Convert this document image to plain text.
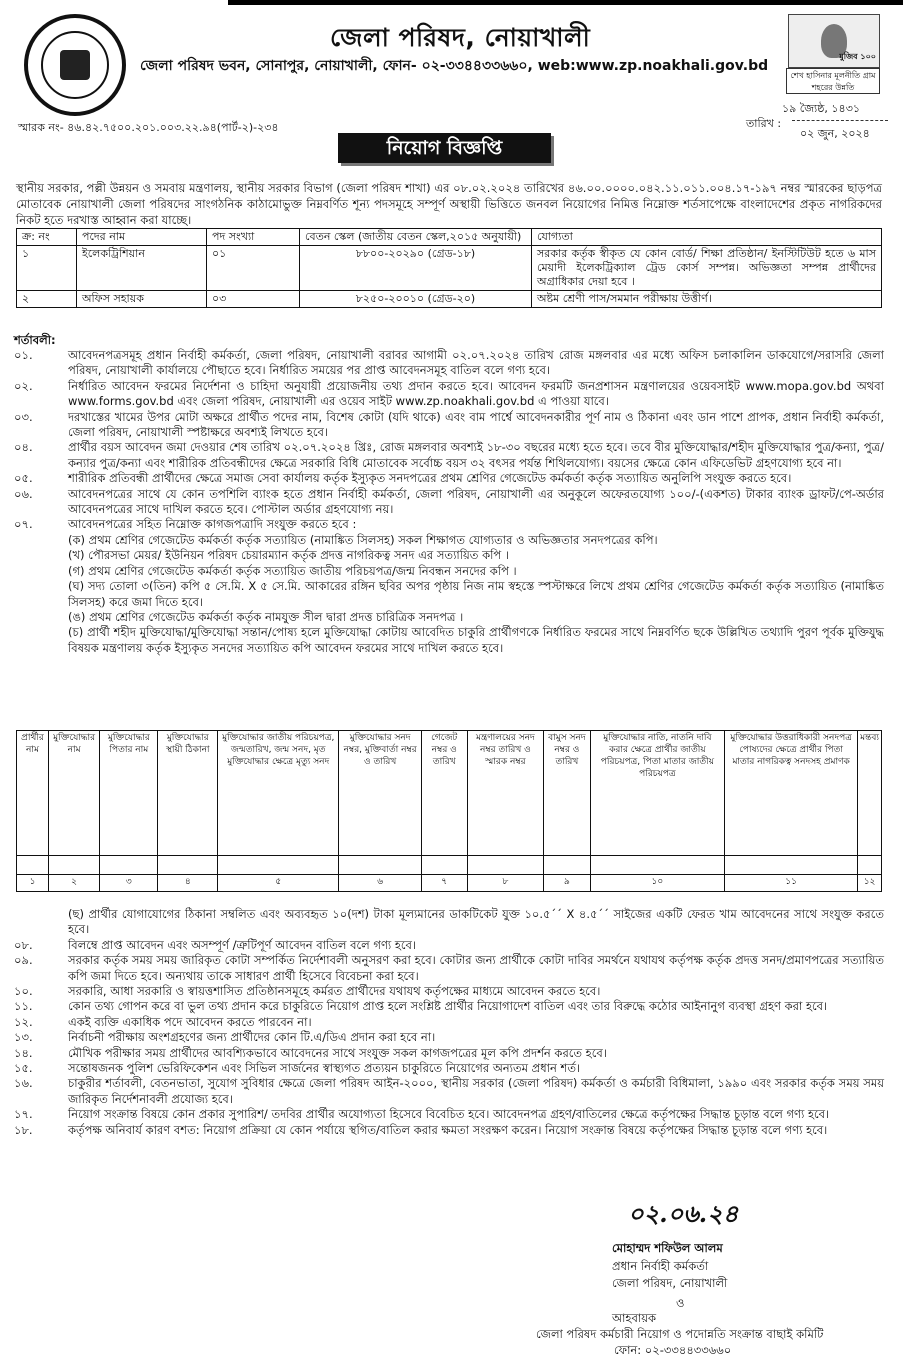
জেলা পরিষদ, নোয়াখালী
জেলা পরিষদ ভবন, সোনাপুর, নোয়াখালী, ফোন- ০২-৩৩৪৪৩৩৬৬০, web:www.zp.noakhali.gov.bd
মুজিব ১০০
শেখ হাসিনার মূলনীতি গ্রাম শহরের উন্নতি
স্মারক নং- ৪৬.৪২.৭৫০০.২০১.০০৩.২২.৯৪(পার্ট-২)-২৩৪
১৯ জ্যৈষ্ঠ, ১৪৩১
তারিখ :
০২ জুন, ২০২৪
নিয়োগ বিজ্ঞপ্তি

স্থানীয় সরকার, পল্লী উন্নয়ন ও সমবায় মন্ত্রণালয়, স্থানীয় সরকার বিভাগ (জেলা পরিষদ শাখা) এর ০৮.০২.২০২৪ তারিখের ৪৬.০০.০০০০.০৪২.১১.০১১.০০৪.১৭-১৯৭ নম্বর স্মারকের ছাড়পত্র মোতাবেক নোয়াখালী জেলা পরিষদের সাংগঠনিক কাঠামোভুক্ত নিম্নবর্ণিত শূন্য পদসমূহে সম্পূর্ণ অস্থায়ী ভিত্তিতে জনবল নিয়োগের নিমিত্ত নিম্নোক্ত শর্তসাপেক্ষে বাংলাদেশের প্রকৃত নাগরিকদের নিকট হতে দরখাস্ত আহ্বান করা যাচ্ছে।

ক্র: নং	পদের নাম	পদ সংখ্যা	বেতন স্কেল (জাতীয় বেতন স্কেল,২০১৫ অনুযায়ী)	যোগ্যতা
১	ইলেকট্রিশিয়ান	০১	৮৮০০-২০২৯০ (গ্রেড-১৮)	সরকার কর্তৃক স্বীকৃত যে কোন বোর্ড/ শিক্ষা প্রতিষ্ঠান/ ইনস্টিটিউট হতে ৬ মাস মেয়াদী ইলেকট্রিক্যাল ট্রেড কোর্স সম্পন্ন। অভিজ্ঞতা সম্পন্ন প্রার্থীদের অগ্রাধিকার দেয়া হবে ।
২	অফিস সহায়ক	০৩	৮২৫০-২০০১০ (গ্রেড-২০)	অষ্টম শ্রেণী পাস/সমমান পরীক্ষায় উত্তীর্ণ।
শর্তাবলী:
০১.	আবেদনপত্রসমূহ প্রধান নির্বাহী কর্মকর্তা, জেলা পরিষদ, নোয়াখালী বরাবর আগামী ০২.০৭.২০২৪ তারিখ রোজ মঙ্গলবার এর মধ্যে অফিস চলাকালিন ডাকযোগে/সরাসরি জেলা পরিষদ, নোয়াখালী কার্যালয়ে পৌছাতে হবে। নির্ধারিত সময়ের পর প্রাপ্ত আবেদনসমূহ বাতিল বলে গণ্য হবে।
০২.	নির্ধারিত আবেদন ফরমের নির্দেশনা ও চাহিদা অনুযায়ী প্রয়োজনীয় তথ্য প্রদান করতে হবে। আবেদন ফরমটি জনপ্রশাসন মন্ত্রণালয়ের ওয়েবসাইট www.mopa.gov.bd অথবা www.forms.gov.bd এবং জেলা পরিষদ, নোয়াখালী এর ওয়েব সাইট www.zp.noakhali.gov.bd এ পাওয়া যাবে।
০৩.	দরখাস্তের খামের উপর মোটা অক্ষরে প্রার্থীত পদের নাম, বিশেষ কোটা (যদি থাকে) এবং বাম পার্শ্বে আবেদনকারীর পূর্ণ নাম ও ঠিকানা এবং ডান পাশে প্রাপক, প্রধান নির্বাহী কর্মকর্তা, জেলা পরিষদ, নোয়াখালী স্পষ্টাক্ষরে অবশ্যই লিখতে হবে।
০৪.	প্রার্থীর বয়স আবেদন জমা দেওয়ার শেষ তারিখ ০২.০৭.২০২৪ খ্রিঃ, রোজ মঙ্গলবার অবশ্যই ১৮-৩০ বছরের মধ্যে হতে হবে। তবে বীর মুক্তিযোদ্ধার/শহীদ মুক্তিযোদ্ধার পুত্র/কন্যা, পুত্র/কন্যার পুত্র/কন্যা এবং শারীরিক প্রতিবন্ধীদের ক্ষেত্রে সরকারি বিধি মোতাবেক সর্বোচ্চ বয়স ৩২ বৎসর পর্যন্ত শিথিলযোগ্য। বয়সের ক্ষেত্রে কোন এফিডেভিট গ্রহণযোগ্য হবে না।
০৫.	শারীরিক প্রতিবন্ধী প্রার্থীদের ক্ষেত্রে সমাজ সেবা কার্যালয় কর্তৃক ইস্যুকৃত সনদপত্রের প্রথম শ্রেণির গেজেটেড কর্মকর্তা কর্তৃক সত্যায়িত অনুলিপি সংযুক্ত করতে হবে।
০৬.	আবেদনপত্রের সাথে যে কোন তপশিলি ব্যাংক হতে প্রধান নির্বাহী কর্মকর্তা, জেলা পরিষদ, নোয়াখালী এর অনুকূলে অফেরতযোগ্য ১০০/-(একশত) টাকার ব্যাংক ড্রাফট/পে-অর্ডার আবেদনপত্রের সাথে দাখিল করতে হবে। পোস্টাল অর্ডার গ্রহণযোগ্য নয়।
০৭.	আবেদনপত্রের সহিত নিম্নোক্ত কাগজপত্রাদি সংযুক্ত করতে হবে :
(ক) প্রথম শ্রেণির গেজেটেড কর্মকর্তা কর্তৃক সত্যায়িত (নামাঙ্কিত সিলসহ) সকল শিক্ষাগত যোগ্যতার ও অভিজ্ঞতার সনদপত্রের কপি।
(খ) পৌরসভা মেয়র/ ইউনিয়ন পরিষদ চেয়ারম্যান কর্তৃক প্রদত্ত নাগরিকত্ব সনদ এর সত্যায়িত কপি ।
(গ) প্রথম শ্রেণির গেজেটেড কর্মকর্তা কর্তৃক সত্যায়িত জাতীয় পরিচয়পত্র/জন্ম নিবন্ধন সনদের কপি ।
(ঘ) সদ্য তোলা ৩(তিন) কপি ৫ সে.মি. X ৫ সে.মি. আকারের রঙ্গিন ছবির অপর পৃষ্ঠায় নিজ নাম স্বহস্তে স্পস্টাক্ষরে লিখে প্রথম শ্রেণির গেজেটেড কর্মকর্তা কর্তৃক সত্যায়িত (নামাঙ্কিত সিলসহ) করে জমা দিতে হবে।
(ঙ) প্রথম শ্রেণির গেজেটেড কর্মকর্তা কর্তৃক নামযুক্ত সীল দ্বারা প্রদত্ত চারিত্রিক সনদপত্র ।
(চ) প্রার্থী শহীদ মুক্তিযোদ্ধা/মুক্তিযোদ্ধা সন্তান/পোষ্য হলে মুক্তিযোদ্ধা কোটায় আবেদিত চাকুরি প্রার্থীগণকে নির্ধারিত ফরমের সাথে নিম্নবর্ণিত ছকে উল্লিখিত তথ্যাদি পুরণ পূর্বক মুক্তিযুদ্ধ বিষয়ক মন্ত্রণালয় কর্তৃক ইস্যুকৃত সনদের সত্যায়িত কপি আবেদন ফরমের সাথে দাখিল করতে হবে।
প্রার্থীর নাম	মুক্তিযোদ্ধার নাম	মুক্তিযোদ্ধার পিতার নাম	মুক্তিযোদ্ধার স্থায়ী ঠিকানা	মুক্তিযোদ্ধার জাতীয় পরিচয়পত্র, জন্মতারিখ, জন্ম সনদ, মৃত মুক্তিযোদ্ধার ক্ষেত্রে মৃত্যু সনদ	মুক্তিযোদ্ধার সনদ নম্বর, মুক্তিবার্তা নম্বর ও তারিখ	গেজেট নম্বর ও তারিখ	মন্ত্রণালয়ের সনদ নম্বর তারিখ ও স্মারক নম্বর	বামুস সনদ নম্বর ও তারিখ	মুক্তিযোদ্ধার নাতি, নাতনি দাবি করার ক্ষেত্রে প্রার্থীর জাতীয় পরিচয়পত্র, পিতা মাতার জাতীয় পরিচয়পত্র	মুক্তিযোদ্ধার উত্তরাধিকারী সনদপত্র পোষ্যদের ক্ষেত্রে প্রার্থীর পিতা মাতার নাগরিকত্ব সনদসহ প্রমাণক	মন্তব্য

১	২	৩	৪	৫	৬	৭	৮	৯	১০	১১	১২
(ছ) প্রার্থীর যোগাযোগের ঠিকানা সম্বলিত এবং অব্যবহৃত ১০(দশ) টাকা মূল্যমানের ডাকটিকেট যুক্ত ১০.৫´´ X ৪.৫´´ সাইজের একটি ফেরত খাম আবেদনের সাথে সংযুক্ত করতে হবে।
০৮.	বিলম্বে প্রাপ্ত আবেদন এবং অসম্পূর্ণ /ত্রুটিপূর্ণ আবেদন বাতিল বলে গণ্য হবে।
০৯.	সরকার কর্তৃক সময় সময় জারিকৃত কোটা সম্পর্কিত নির্দেশাবলী অনুসরণ করা হবে। কোটার জন্য প্রার্থীকে কোটা দাবির সমর্থনে যথাযথ কর্তৃপক্ষ কর্তৃক প্রদত্ত সনদ/প্রমাণপত্রের সত্যায়িত কপি জমা দিতে হবে। অন্যথায় তাকে সাধারণ প্রার্থী হিসেবে বিবেচনা করা হবে।
১০.	সরকারি, আধা সরকারি ও স্বায়ত্তশাসিত প্রতিষ্ঠানসমূহে কর্মরত প্রার্থীদের যথাযথ কর্তৃপক্ষের মাধ্যমে আবেদন করতে হবে।
১১.	কোন তথ্য গোপন করে বা ভুল তথ্য প্রদান করে চাকুরিতে নিয়োগ প্রাপ্ত হলে সংশ্লিষ্ট প্রার্থীর নিয়োগাদেশ বাতিল এবং তার বিরুদ্ধে কঠোর আইনানুগ ব্যবস্থা গ্রহণ করা হবে।
১২.	একই ব্যক্তি একাধিক পদে আবেদন করতে পারবেন না।
১৩.	নির্বাচনী পরীক্ষায় অংশগ্রহণের জন্য প্রার্থীদের কোন টি.এ/ডিএ প্রদান করা হবে না।
১৪.	মৌখিক পরীক্ষার সময় প্রার্থীদের আবশ্যিকভাবে আবেদনের সাথে সংযুক্ত সকল কাগজপত্রের মূল কপি প্রদর্শন করতে হবে।
১৫.	সন্তোষজনক পুলিশ ভেরিফিকেশন এবং সিভিল সার্জনের স্বাস্থ্যগত প্রত্যয়ন চাকুরিতে নিয়োগের অন্যতম প্রধান শর্ত।
১৬.	চাকুরীর শর্তাবলী, বেতনভাতা, সুযোগ সুবিধার ক্ষেত্রে জেলা পরিষদ আইন-২০০০, স্থানীয় সরকার (জেলা পরিষদ) কর্মকর্তা ও কর্মচারী বিধিমালা, ১৯৯০ এবং সরকার কর্তৃক সময় সময় জারিকৃত নির্দেশনাবলী প্রযোজ্য হবে।
১৭.	নিয়োগ সংক্রান্ত বিষয়ে কোন প্রকার সুপারিশ/ তদবির প্রার্থীর অযোগ্যতা হিসেবে বিবেচিত হবে। আবেদনপত্র গ্রহণ/বাতিলের ক্ষেত্রে কর্তৃপক্ষের সিদ্ধান্ত চূড়ান্ত বলে গণ্য হবে।
১৮.	কর্তৃপক্ষ অনিবার্য কারণ বশত: নিয়োগ প্রক্রিয়া যে কোন পর্যায়ে স্থগিত/বাতিল করার ক্ষমতা সংরক্ষণ করেন। নিয়োগ সংক্রান্ত বিষয়ে কর্তৃপক্ষের সিদ্ধান্ত চূড়ান্ত বলে গণ্য হবে।
০২.০৬.২৪
মোহাম্মদ শফিউল আলম
প্রধান নির্বাহী কর্মকর্তা
জেলা পরিষদ, নোয়াখালী
ও
আহবায়ক
জেলা পরিষদ কর্মচারী নিয়োগ ও পদোন্নতি সংক্রান্ত বাছাই কমিটি
ফোন: ০২-৩৩৪৪৩৩৬৬০
